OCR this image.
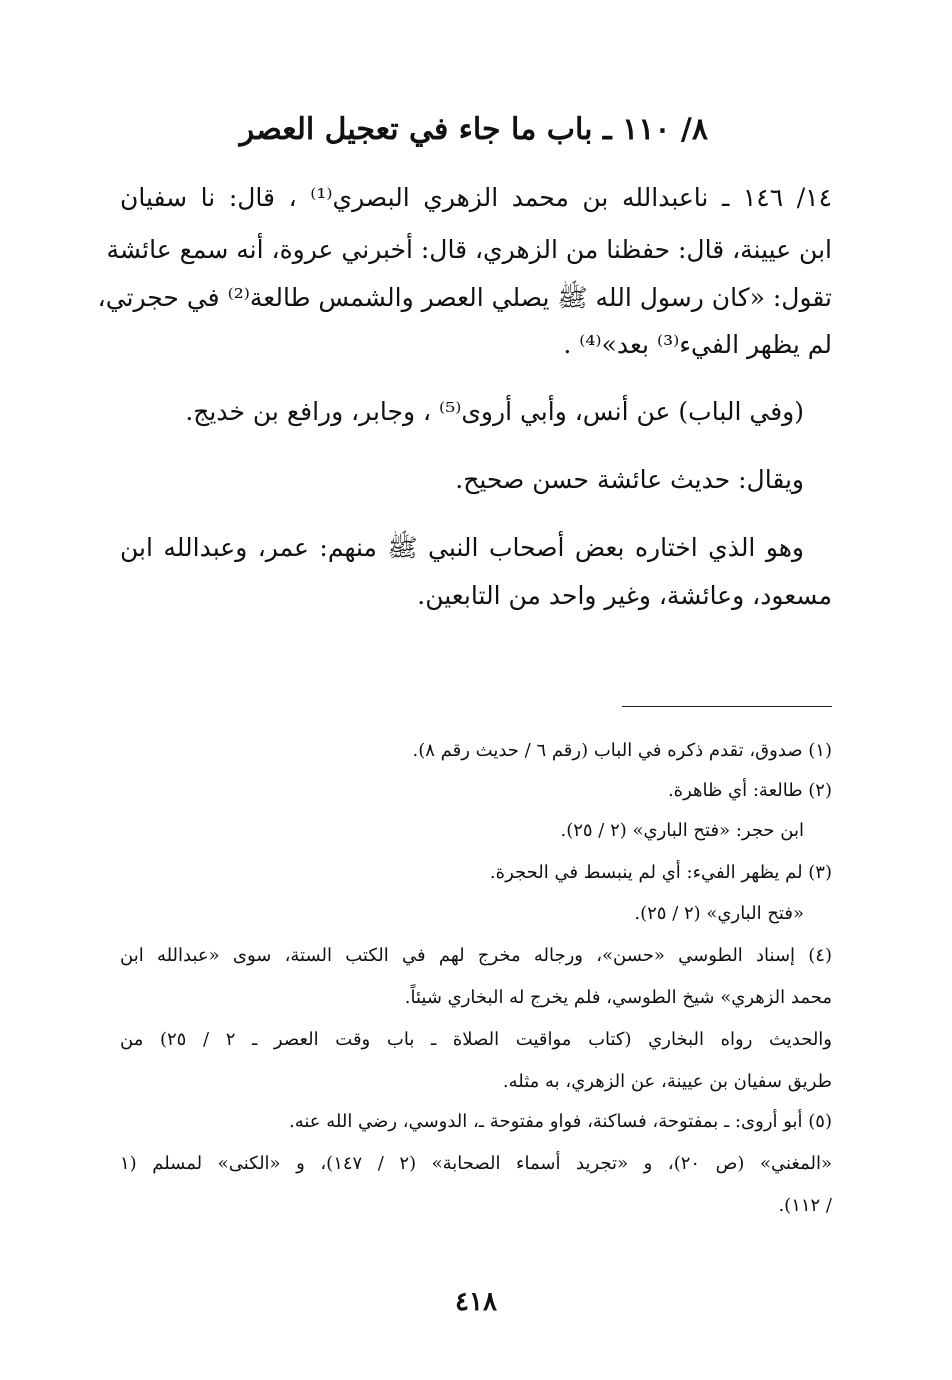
٨/ ١١٠ ـ باب ما جاء في تعجيل العصر
١٤/ ١٤٦ ـ ناعبدالله بن محمد الزهري البصري⁽¹⁾ ، قال: نا سفيان
ابن عيينة، قال: حفظنا من الزهري، قال: أخبرني عروة، أنه سمع عائشة
تقول: «كان رسول الله ﷺ يصلي العصر والشمس طالعة⁽²⁾ في حجرتي،
لم يظهر الفيء⁽³⁾ بعد»⁽⁴⁾ .
(وفي الباب) عن أنس، وأبي أروى⁽⁵⁾ ، وجابر، ورافع بن خديج.
ويقال: حديث عائشة حسن صحيح.
وهو الذي اختاره بعض أصحاب النبي ﷺ منهم: عمر، وعبدالله ابن
مسعود، وعائشة، وغير واحد من التابعين.
(١) صدوق، تقدم ذكره في الباب (رقم ٦ / حديث رقم ٨).
(٢) طالعة: أي ظاهرة.
ابن حجر: «فتح الباري» (٢ / ٢٥).
(٣) لم يظهر الفيء: أي لم ينبسط في الحجرة.
«فتح الباري» (٢ / ٢٥).
(٤) إسناد الطوسي «حسن»، ورجاله مخرج لهم في الكتب الستة، سوى «عبدالله ابن
محمد الزهري» شيخ الطوسي، فلم يخرج له البخاري شيئاً.
والحديث رواه البخاري (كتاب مواقيت الصلاة ـ باب وقت العصر ـ ٢ / ٢٥) من
طريق سفيان بن عيينة، عن الزهري، به مثله.
(٥) أبو أروى: ـ بمفتوحة، فساكنة، فواو مفتوحة ـ، الدوسي، رضي الله عنه.
«المغني» (ص ٢٠)، و «تجريد أسماء الصحابة» (٢ / ١٤٧)، و «الكنى» لمسلم (١
/ ١١٢).
٤١٨
